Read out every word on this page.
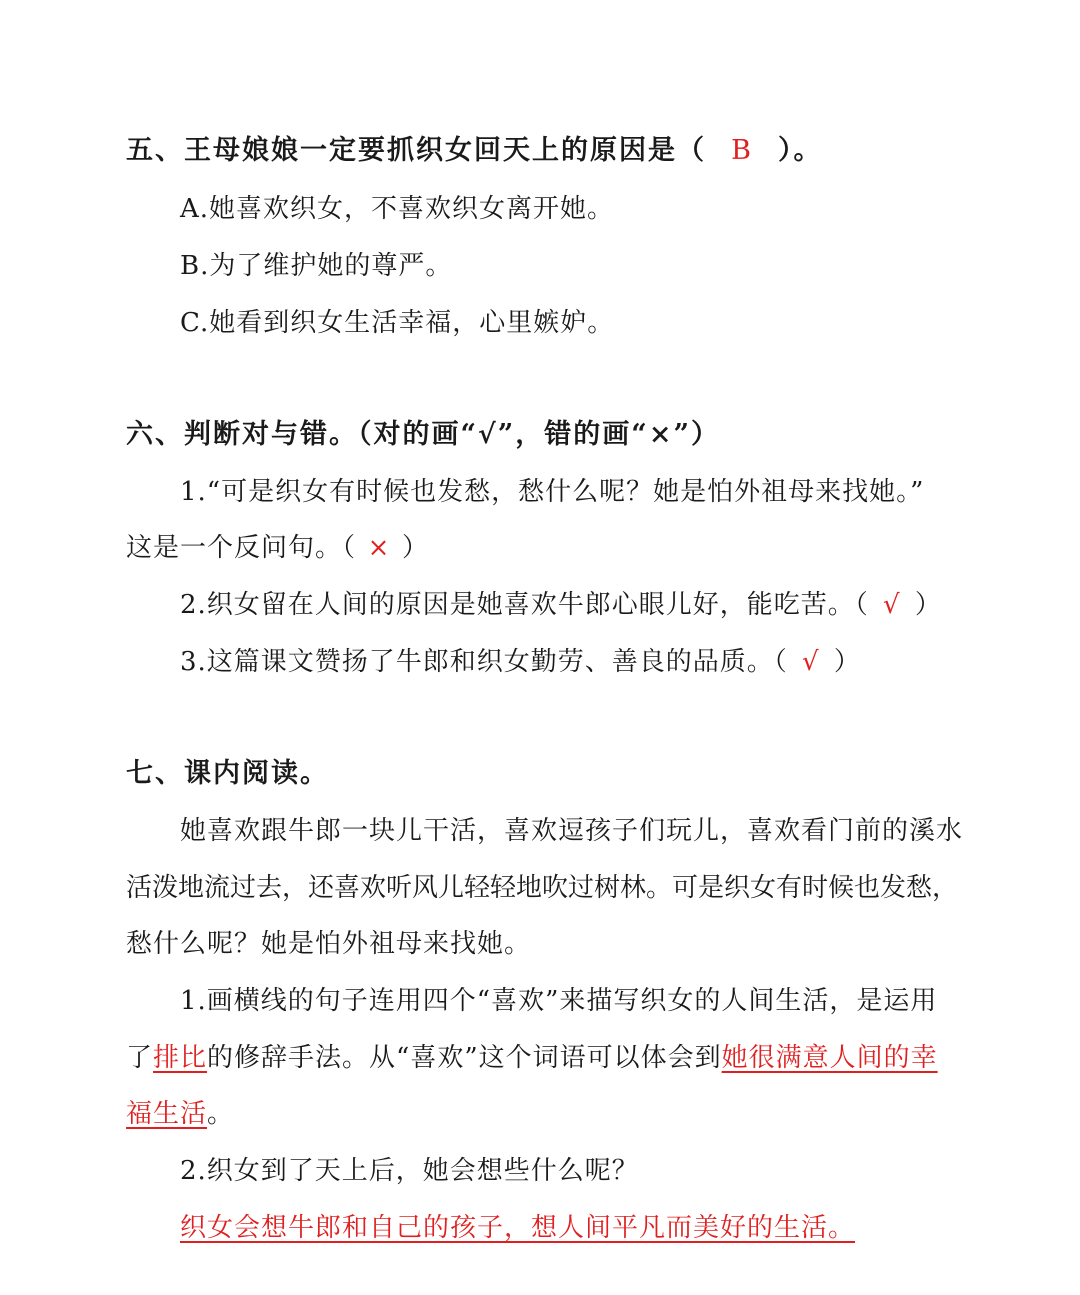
五、王母娘娘一定要抓织女回天上的原因是（ B ）。
A.她喜欢织女，不喜欢织女离开她。
B.为了维护她的尊严。
C.她看到织女生活幸福，心里嫉妒。
六、判断对与错。（对的画“√”，错的画“×”）
1.“可是织女有时候也发愁，愁什么呢？她是怕外祖母来找她。”
这是一个反问句。（ × ）
2.织女留在人间的原因是她喜欢牛郎心眼儿好，能吃苦。（ √ ）
3.这篇课文赞扬了牛郎和织女勤劳、善良的品质。（ √ ）
七、课内阅读。
她喜欢跟牛郎一块儿干活，喜欢逗孩子们玩儿，喜欢看门前的溪水
活泼地流过去，还喜欢听风儿轻轻地吹过树林。可是织女有时候也发愁，
愁什么呢？她是怕外祖母来找她。
1.画横线的句子连用四个“喜欢”来描写织女的人间生活，是运用
了排比的修辞手法。从“喜欢”这个词语可以体会到她很满意人间的幸
福生活。
2.织女到了天上后，她会想些什么呢？
织女会想牛郎和自己的孩子，想人间平凡而美好的生活。
